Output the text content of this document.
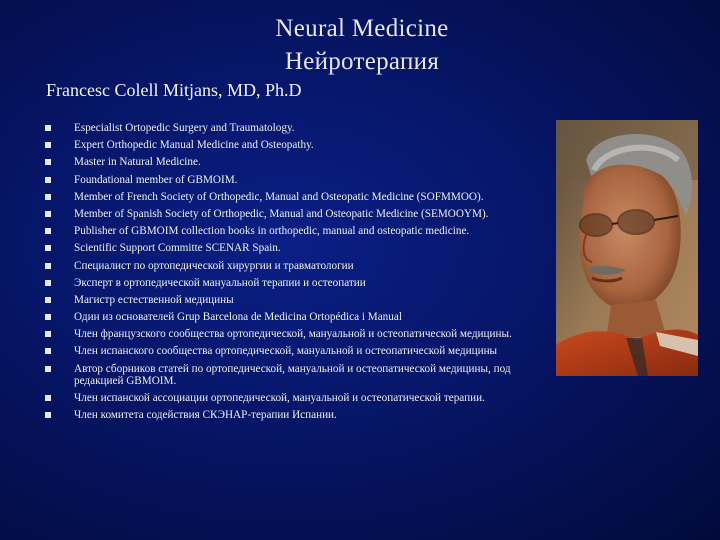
Neural Medicine
Нейротерапия
Francesc Colell Mitjans, MD, Ph.D
Especialist Ortopedic Surgery and Traumatology.
Expert Orthopedic Manual Medicine and Osteopathy.
Master in Natural Medicine.
Foundational member of GBMOIM.
Member of French Society of Orthopedic, Manual and Osteopatic Medicine (SOFMMOO).
Member of Spanish Society of Orthopedic, Manual and Osteopatic Medicine (SEMOOYM).
Publisher of GBMOIM collection books in orthopedic, manual and osteopatic medicine.
Scientific Support Committe SCENAR Spain.
Специалист по ортопедической хирургии и травматологии
Эксперт в ортопедической мануальной терапии и остеопатии
Магистр естественной медицины
Один из основателей Grup Barcelona de Medicina Ortopédica i Manual
Член французского сообщества ортопедической, мануальной и остеопатической медицины.
Член испанского сообщества ортопедической, мануальной и остеопатической медицины
Автор сборников статей по ортопедической, мануальной и остеопатической медицины, под редакцией GBMOIM.
Член испанской ассоциации ортопедической, мануальной и остеопатической терапии.
Член комитета содействия СКЭНАР-терапии Испании.
